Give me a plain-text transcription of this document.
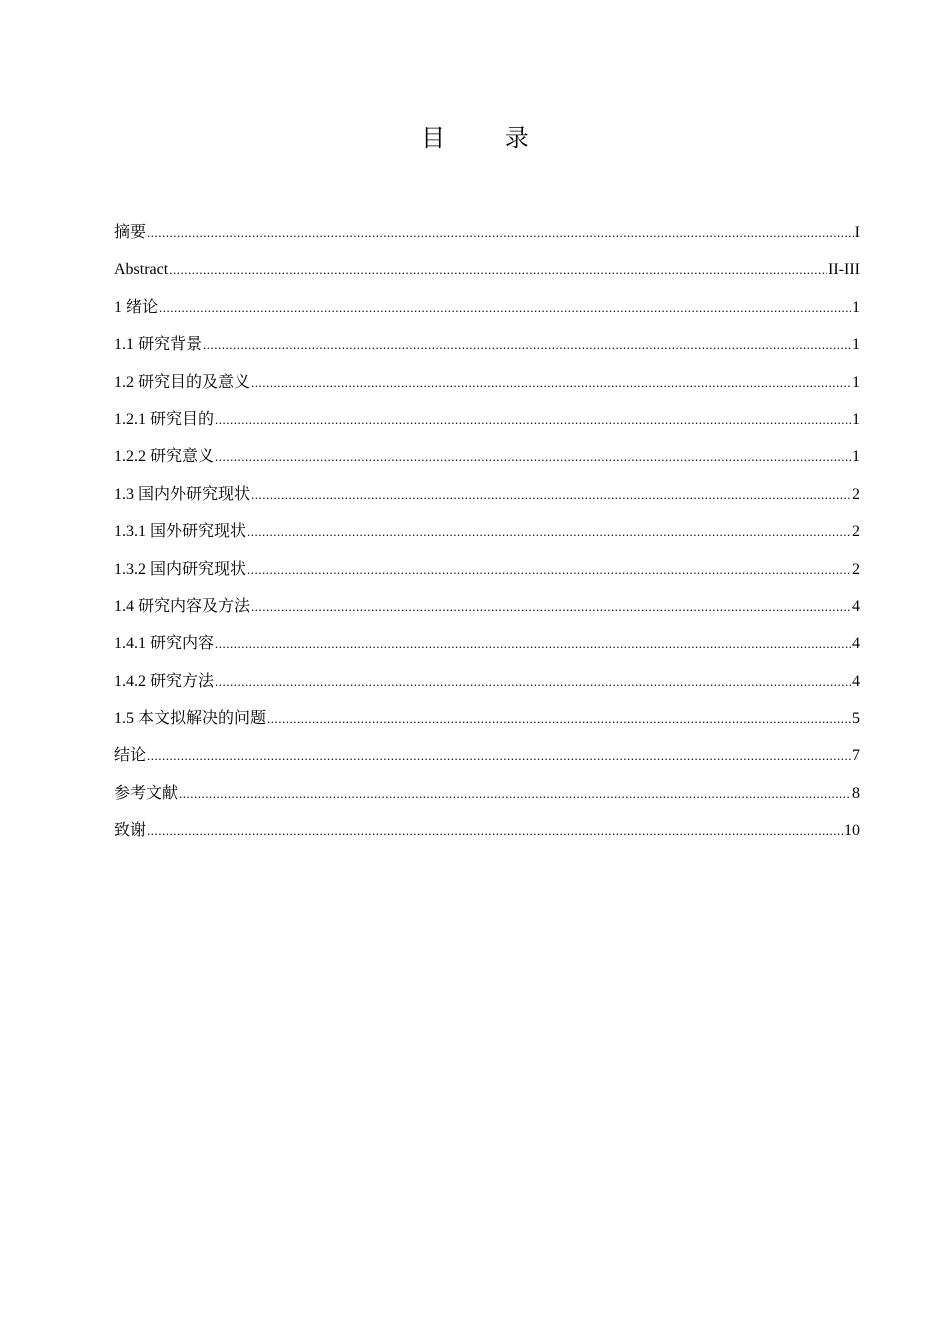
目 录
摘要 .....	I
Abstract .....	II-III
1 绪论 .....	1
1.1 研究背景 .....	1
1.2 研究目的及意义 .....	1
1.2.1 研究目的 .....	1
1.2.2 研究意义 .....	1
1.3 国内外研究现状 .....	2
1.3.1 国外研究现状 .....	2
1.3.2 国内研究现状 .....	2
1.4 研究内容及方法 .....	4
1.4.1 研究内容 .....	4
1.4.2 研究方法 .....	4
1.5 本文拟解决的问题 .....	5
结论 .....	7
参考文献 .....	8
致谢 .....	10
